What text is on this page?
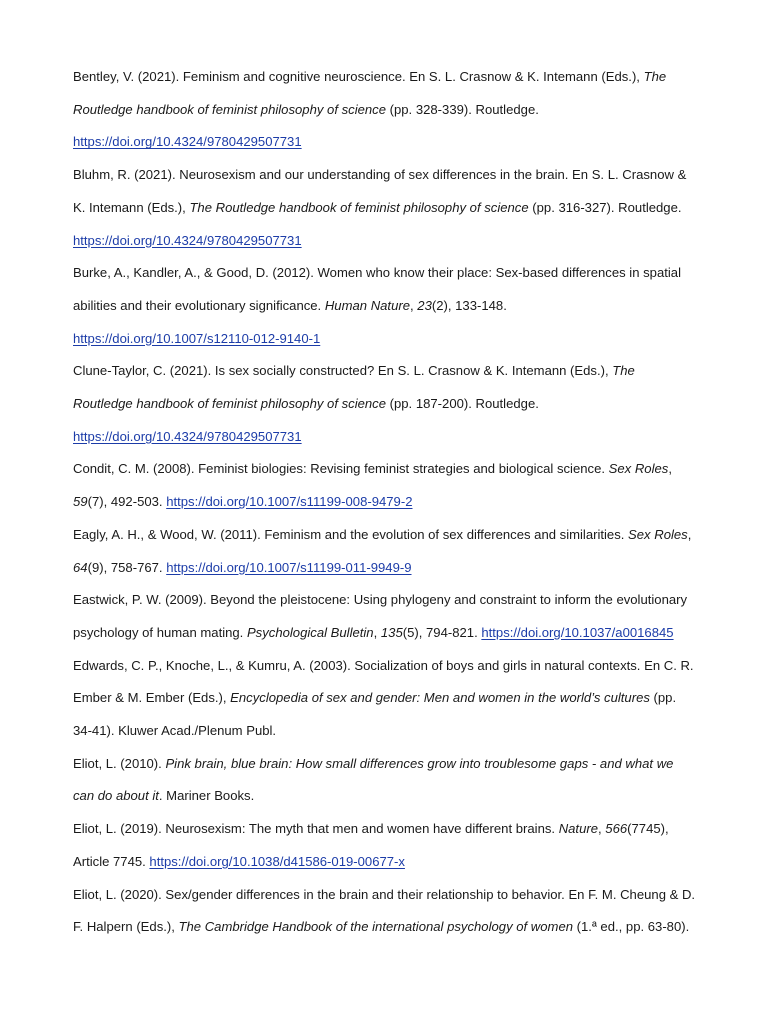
Bentley, V. (2021). Feminism and cognitive neuroscience. En S. L. Crasnow & K. Intemann (Eds.), The Routledge handbook of feminist philosophy of science (pp. 328-339). Routledge.
https://doi.org/10.4324/9780429507731

Bluhm, R. (2021). Neurosexism and our understanding of sex differences in the brain. En S. L. Crasnow & K. Intemann (Eds.), The Routledge handbook of feminist philosophy of science (pp. 316-327). Routledge.
https://doi.org/10.4324/9780429507731

Burke, A., Kandler, A., & Good, D. (2012). Women who know their place: Sex-based differences in spatial abilities and their evolutionary significance. Human Nature, 23(2), 133-148.
https://doi.org/10.1007/s12110-012-9140-1

Clune-Taylor, C. (2021). Is sex socially constructed? En S. L. Crasnow & K. Intemann (Eds.), The Routledge handbook of feminist philosophy of science (pp. 187-200). Routledge.
https://doi.org/10.4324/9780429507731

Condit, C. M. (2008). Feminist biologies: Revising feminist strategies and biological science. Sex Roles, 59(7), 492-503. https://doi.org/10.1007/s11199-008-9479-2

Eagly, A. H., & Wood, W. (2011). Feminism and the evolution of sex differences and similarities. Sex Roles, 64(9), 758-767. https://doi.org/10.1007/s11199-011-9949-9

Eastwick, P. W. (2009). Beyond the pleistocene: Using phylogeny and constraint to inform the evolutionary psychology of human mating. Psychological Bulletin, 135(5), 794-821. https://doi.org/10.1037/a0016845

Edwards, C. P., Knoche, L., & Kumru, A. (2003). Socialization of boys and girls in natural contexts. En C. R. Ember & M. Ember (Eds.), Encyclopedia of sex and gender: Men and women in the world’s cultures (pp. 34-41). Kluwer Acad./Plenum Publ.

Eliot, L. (2010). Pink brain, blue brain: How small differences grow into troublesome gaps - and what we can do about it. Mariner Books.

Eliot, L. (2019). Neurosexism: The myth that men and women have different brains. Nature, 566(7745), Article 7745. https://doi.org/10.1038/d41586-019-00677-x

Eliot, L. (2020). Sex/gender differences in the brain and their relationship to behavior. En F. M. Cheung & D. F. Halpern (Eds.), The Cambridge Handbook of the international psychology of women (1.ª ed., pp. 63-80).
